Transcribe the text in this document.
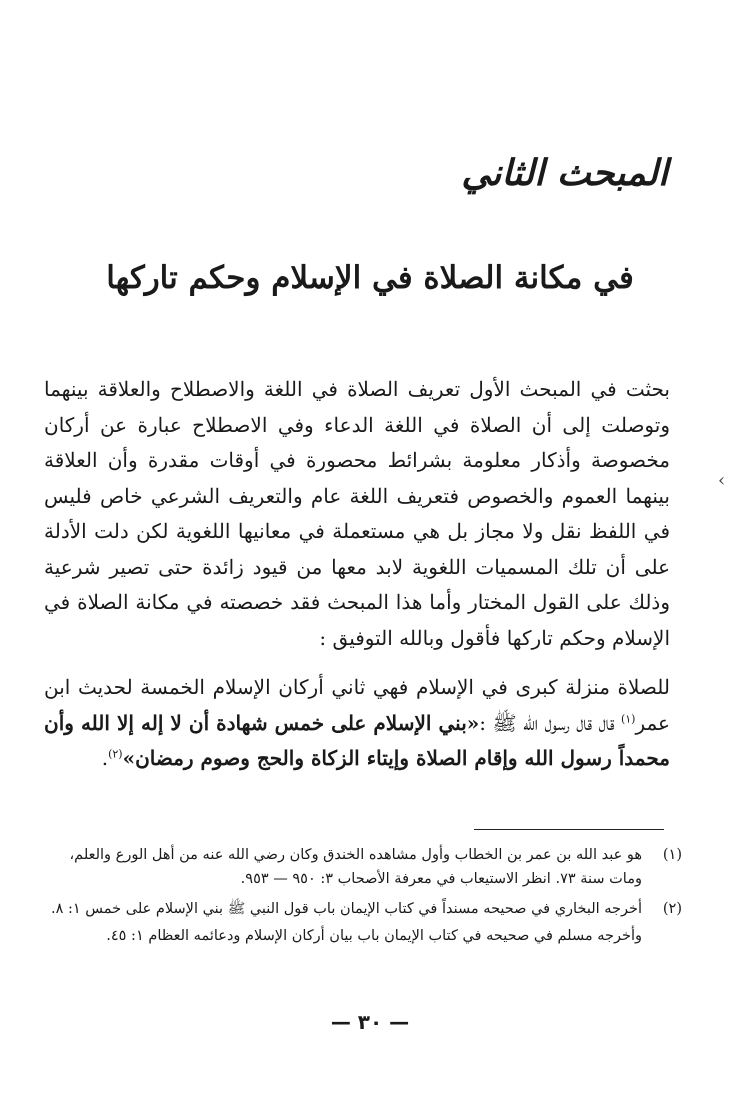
المبحث الثاني
في مكانة الصلاة في الإسلام وحكم تاركها
بحثت في المبحث الأول تعريف الصلاة في اللغة والاصطلاح والعلاقة بينهما وتوصلت إلى أن الصلاة في اللغة الدعاء وفي الاصطلاح عبارة عن أركان مخصوصة وأذكار معلومة بشرائط محصورة في أوقات مقدرة وأن العلاقة بينهما العموم والخصوص فتعريف اللغة عام والتعريف الشرعي خاص فليس في اللفظ نقل ولا مجاز بل هي مستعملة في معانيها اللغوية لكن دلت الأدلة على أن تلك المسميات اللغوية لابد معها من قيود زائدة حتى تصير شرعية وذلك على القول المختار وأما هذا المبحث فقد خصصته في مكانة الصلاة في الإسلام وحكم تاركها فأقول وبالله التوفيق :
للصلاة منزلة كبرى في الإسلام فهي ثاني أركان الإسلام الخمسة لحديث ابن عمر$^{(١)}$ قال قال رسول الله ﷺ :«بني الإسلام على خمس شهادة أن لا إله إلا الله وأن محمداً رسول الله وإقام الصلاة وإيتاء الزكاة والحج وصوم رمضان»$^{(٢)}$.
‹
(١)
هو عبد الله بن عمر بن الخطاب وأول مشاهده الخندق وكان رضي الله عنه من أهل الورع والعلم، ومات سنة ٧٣. انظر الاستيعاب في معرفة الأصحاب ٣: ٩٥٠ — ٩٥٣.
(٢)
أخرجه البخاري في صحيحه مسنداً في كتاب الإيمان باب قول النبي ﷺ بني الإسلام على خمس ١: ٨.
وأخرجه مسلم في صحيحه في كتاب الإيمان باب بيان أركان الإسلام ودعائمه العظام ١: ٤٥.
— ٣٠ —
